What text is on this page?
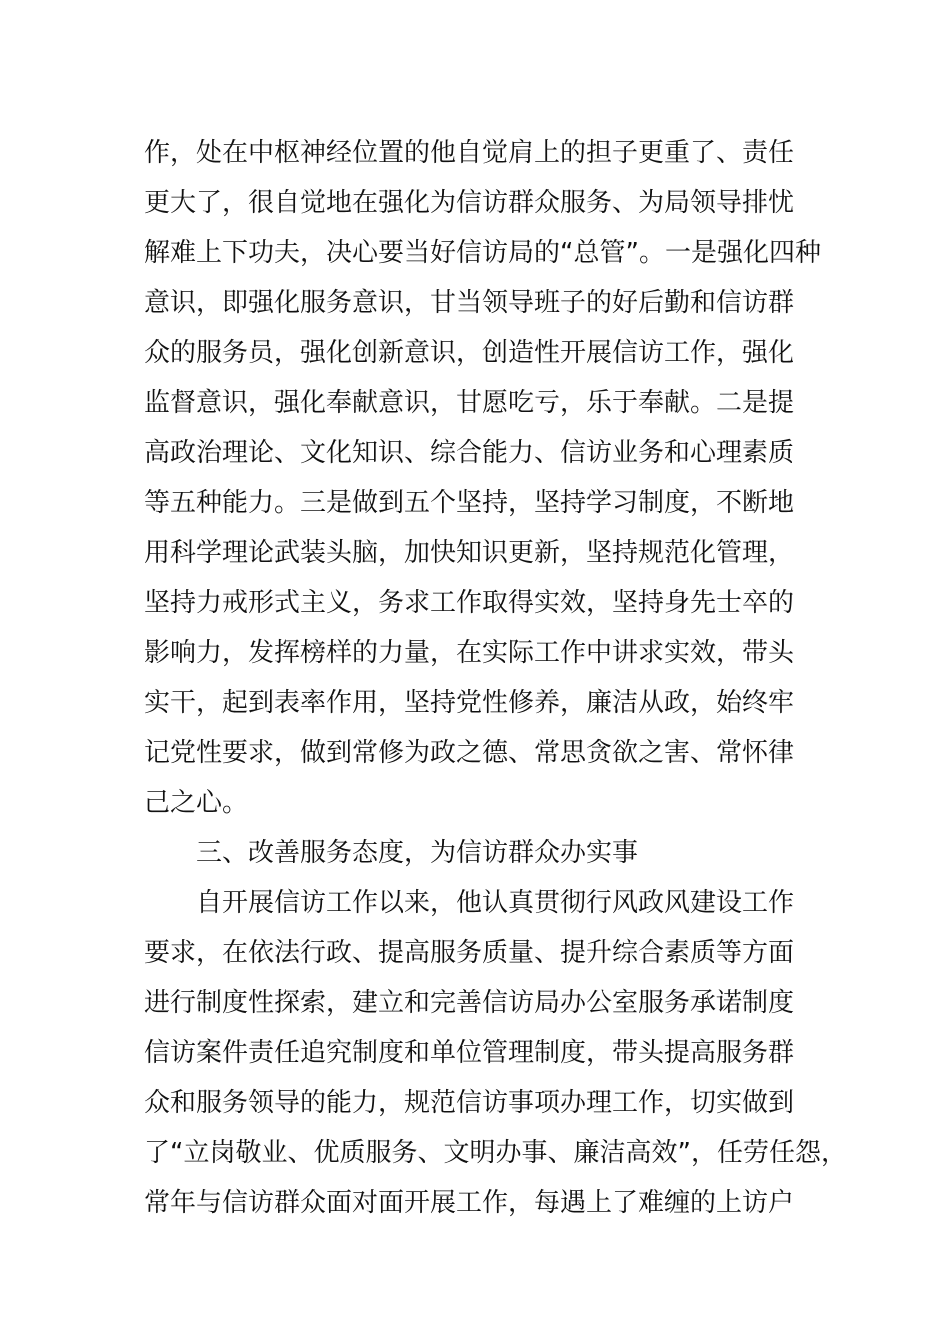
作，处在中枢神经位置的他自觉肩上的担子更重了、责任
更大了，很自觉地在强化为信访群众服务、为局领导排忧
解难上下功夫，决心要当好信访局的“总管”。一是强化四种
意识，即强化服务意识，甘当领导班子的好后勤和信访群
众的服务员，强化创新意识，创造性开展信访工作，强化
监督意识，强化奉献意识，甘愿吃亏，乐于奉献。二是提
高政治理论、文化知识、综合能力、信访业务和心理素质
等五种能力。三是做到五个坚持，坚持学习制度，不断地
用科学理论武装头脑，加快知识更新，坚持规范化管理，
坚持力戒形式主义，务求工作取得实效，坚持身先士卒的
影响力，发挥榜样的力量，在实际工作中讲求实效，带头
实干，起到表率作用，坚持党性修养，廉洁从政，始终牢
记党性要求，做到常修为政之德、常思贪欲之害、常怀律
己之心。
三、改善服务态度，为信访群众办实事
自开展信访工作以来，他认真贯彻行风政风建设工作
要求，在依法行政、提高服务质量、提升综合素质等方面
进行制度性探索，建立和完善信访局办公室服务承诺制度
信访案件责任追究制度和单位管理制度，带头提高服务群
众和服务领导的能力，规范信访事项办理工作，切实做到
了“立岗敬业、优质服务、文明办事、廉洁高效”，任劳任怨，
常年与信访群众面对面开展工作，每遇上了难缠的上访户
